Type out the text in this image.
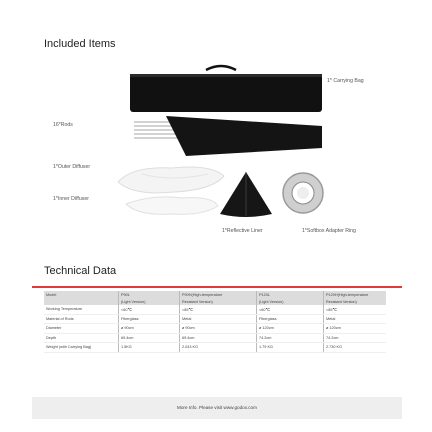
Included Items
1* Carrying Bag
16*Rods
1*Outer Diffuser
1*Inner Diffuser
1*Reflective Liner	1*Softbox Adapter Ring
Technical Data
Model	P90L	P90H(High-temperature	P120L	P120H(High-temperature
	(Light Version)	Resistant Version)	(Light Version)	Resistant Version)
Working Temperature	<60℃	<85℃	<60℃	<85℃
Material of Rods	Fiberglass	Metal	Fiberglass	Metal
Diameter	ø 90cm	ø 90cm	ø 120cm	ø 120cm
Depth	69.4cm	69.4cm	74.2cm	74.2cm
Weight (with Carrying Bag)	1.5KG	2.043 KG	1.79 KG	2.730 KG
More Info. Please visit www.godox.com
